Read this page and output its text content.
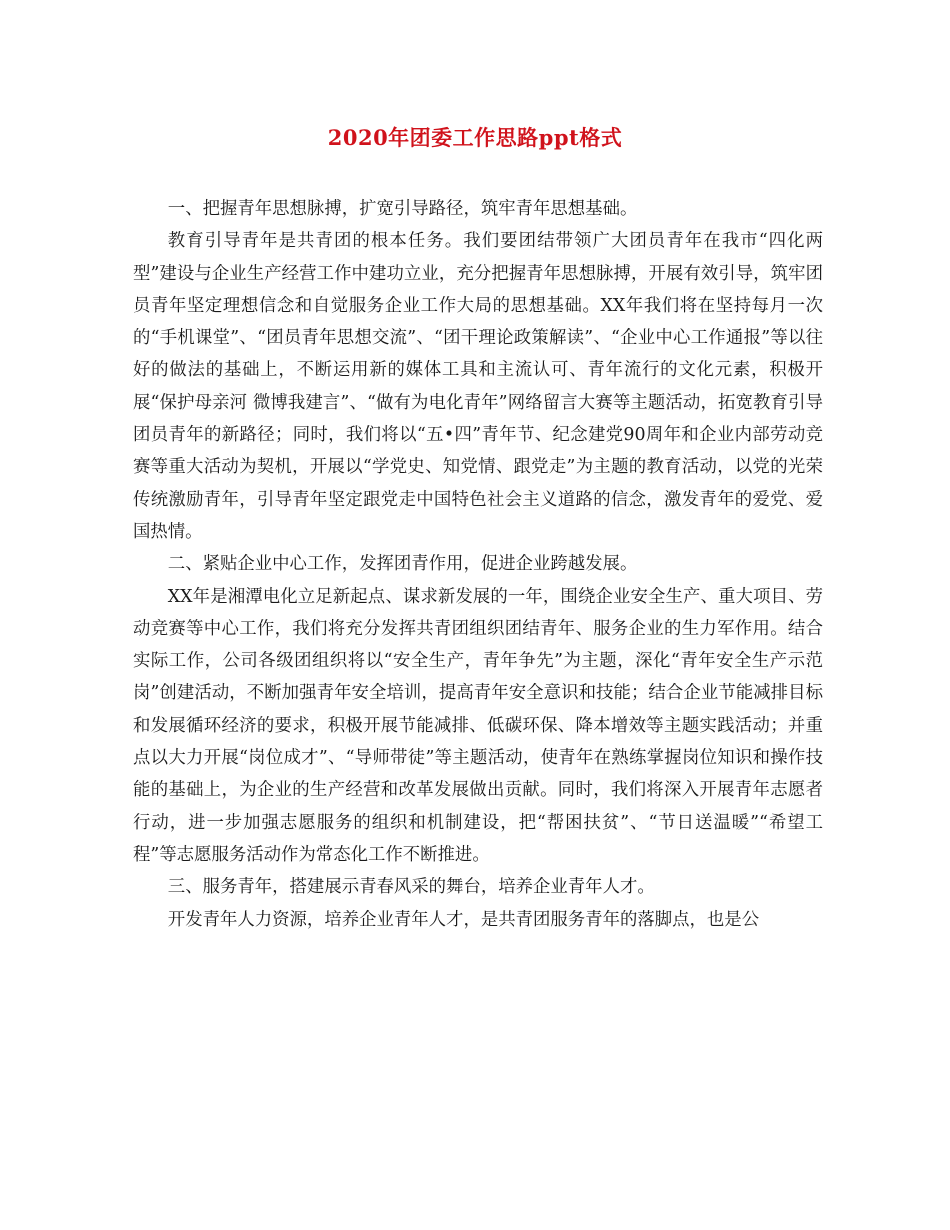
2020年团委工作思路ppt格式

一、把握青年思想脉搏，扩宽引导路径，筑牢青年思想基础。

教育引导青年是共青团的根本任务。我们要团结带领广大团员青年在我市“四化两型”建设与企业生产经营工作中建功立业，充分把握青年思想脉搏，开展有效引导，筑牢团员青年坚定理想信念和自觉服务企业工作大局的思想基础。XX年我们将在坚持每月一次的“手机课堂”、“团员青年思想交流”、“团干理论政策解读”、“企业中心工作通报”等以往好的做法的基础上，不断运用新的媒体工具和主流认可、青年流行的文化元素，积极开展“保护母亲河 微博我建言”、“做有为电化青年”网络留言大赛等主题活动，拓宽教育引导团员青年的新路径；同时，我们将以“五•四”青年节、纪念建党90周年和企业内部劳动竞赛等重大活动为契机，开展以“学党史、知党情、跟党走”为主题的教育活动，以党的光荣传统激励青年，引导青年坚定跟党走中国特色社会主义道路的信念，激发青年的爱党、爱国热情。

二、紧贴企业中心工作，发挥团青作用，促进企业跨越发展。

XX年是湘潭电化立足新起点、谋求新发展的一年，围绕企业安全生产、重大项目、劳动竞赛等中心工作，我们将充分发挥共青团组织团结青年、服务企业的生力军作用。结合实际工作，公司各级团组织将以“安全生产，青年争先”为主题，深化“青年安全生产示范岗”创建活动，不断加强青年安全培训，提高青年安全意识和技能；结合企业节能减排目标和发展循环经济的要求，积极开展节能减排、低碳环保、降本增效等主题实践活动；并重点以大力开展“岗位成才”、“导师带徒”等主题活动，使青年在熟练掌握岗位知识和操作技能的基础上，为企业的生产经营和改革发展做出贡献。同时，我们将深入开展青年志愿者行动，进一步加强志愿服务的组织和机制建设，把“帮困扶贫”、“节日送温暖”“希望工程”等志愿服务活动作为常态化工作不断推进。

三、服务青年，搭建展示青春风采的舞台，培养企业青年人才。

开发青年人力资源，培养企业青年人才，是共青团服务青年的落脚点，也是公
